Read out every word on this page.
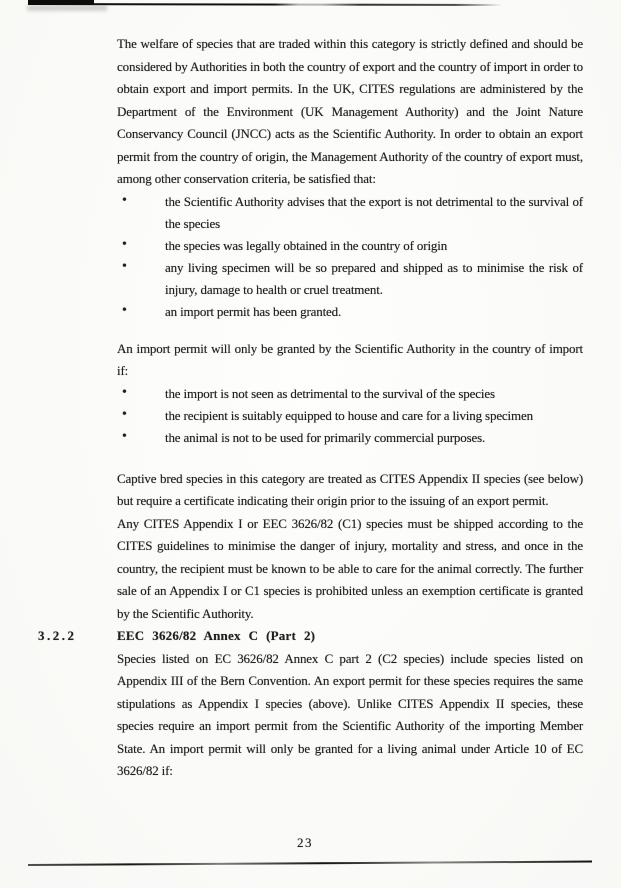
The welfare of species that are traded within this category is strictly defined and should be considered by Authorities in both the country of export and the country of import in order to obtain export and import permits. In the UK, CITES regulations are administered by the Department of the Environment (UK Management Authority) and the Joint Nature Conservancy Council (JNCC) acts as the Scientific Authority. In order to obtain an export permit from the country of origin, the Management Authority of the country of export must, among other conservation criteria, be satisfied that:

•	the Scientific Authority advises that the export is not detrimental to the survival of the species
•	the species was legally obtained in the country of origin
•	any living specimen will be so prepared and shipped as to minimise the risk of injury, damage to health or cruel treatment.
•	an import permit has been granted.

An import permit will only be granted by the Scientific Authority in the country of import if:

•	the import is not seen as detrimental to the survival of the species
•	the recipient is suitably equipped to house and care for a living specimen
•	the animal is not to be used for primarily commercial purposes.

Captive bred species in this category are treated as CITES Appendix II species (see below) but require a certificate indicating their origin prior to the issuing of an export permit.

Any CITES Appendix I or EEC 3626/82 (C1) species must be shipped according to the CITES guidelines to minimise the danger of injury, mortality and stress, and once in the country, the recipient must be known to be able to care for the animal correctly. The further sale of an Appendix I or C1 species is prohibited unless an exemption certificate is granted by the Scientific Authority.

3.2.2	EEC 3626/82 Annex C (Part 2)

Species listed on EC 3626/82 Annex C part 2 (C2 species) include species listed on Appendix III of the Bern Convention. An export permit for these species requires the same stipulations as Appendix I species (above). Unlike CITES Appendix II species, these species require an import permit from the Scientific Authority of the importing Member State. An import permit will only be granted for a living animal under Article 10 of EC 3626/82 if:

23
